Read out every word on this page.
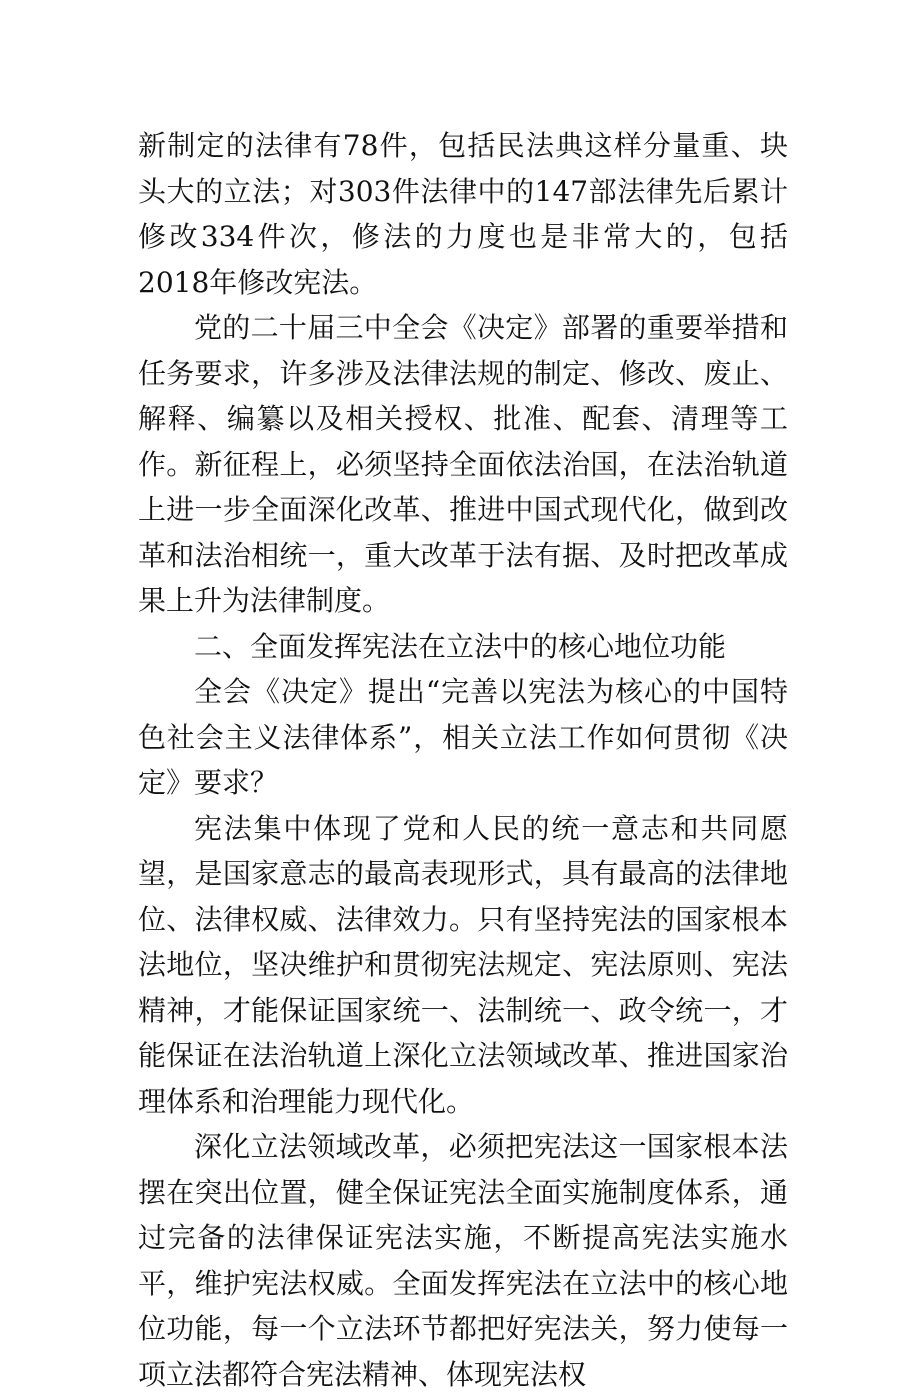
新制定的法律有78件，包括民法典这样分量重、块头大的立法；对303件法律中的147部法律先后累计修改334件次，修法的力度也是非常大的，包括2018年修改宪法。

党的二十届三中全会《决定》部署的重要举措和任务要求，许多涉及法律法规的制定、修改、废止、解释、编纂以及相关授权、批准、配套、清理等工作。新征程上，必须坚持全面依法治国，在法治轨道上进一步全面深化改革、推进中国式现代化，做到改革和法治相统一，重大改革于法有据、及时把改革成果上升为法律制度。

二、全面发挥宪法在立法中的核心地位功能

全会《决定》提出“完善以宪法为核心的中国特色社会主义法律体系”，相关立法工作如何贯彻《决定》要求？

宪法集中体现了党和人民的统一意志和共同愿望，是国家意志的最高表现形式，具有最高的法律地位、法律权威、法律效力。只有坚持宪法的国家根本法地位，坚决维护和贯彻宪法规定、宪法原则、宪法精神，才能保证国家统一、法制统一、政令统一，才能保证在法治轨道上深化立法领域改革、推进国家治理体系和治理能力现代化。

深化立法领域改革，必须把宪法这一国家根本法摆在突出位置，健全保证宪法全面实施制度体系，通过完备的法律保证宪法实施，不断提高宪法实施水平，维护宪法权威。全面发挥宪法在立法中的核心地位功能，每一个立法环节都把好宪法关，努力使每一项立法都符合宪法精神、体现宪法权
